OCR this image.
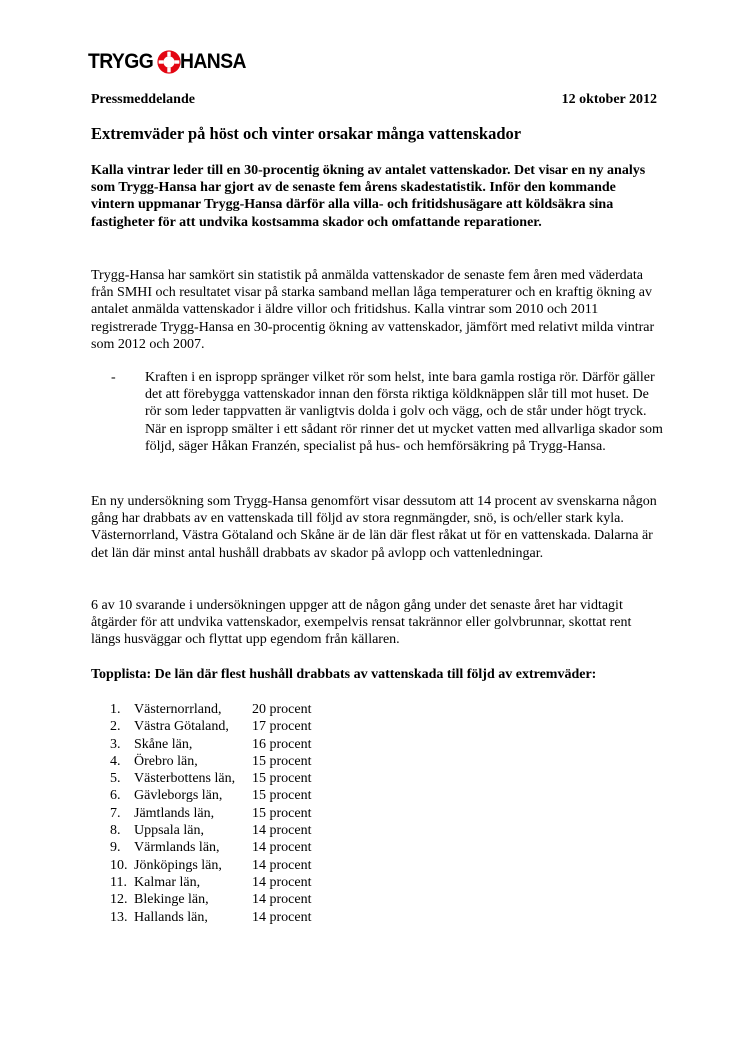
TRYGG HANSA
Pressmeddelande	12 oktober 2012
Extremväder på höst och vinter orsakar många vattenskador

Kalla vintrar leder till en 30-procentig ökning av antalet vattenskador. Det visar en ny analys som Trygg-Hansa har gjort av de senaste fem årens skadestatistik. Inför den kommande vintern uppmanar Trygg-Hansa därför alla villa- och fritidshusägare att köldsäkra sina fastigheter för att undvika kostsamma skador och omfattande reparationer.

Trygg-Hansa har samkört sin statistik på anmälda vattenskador de senaste fem åren med väderdata från SMHI och resultatet visar på starka samband mellan låga temperaturer och en kraftig ökning av antalet anmälda vattenskador i äldre villor och fritidshus. Kalla vintrar som 2010 och 2011 registrerade Trygg-Hansa en 30-procentig ökning av vattenskador, jämfört med relativt milda vintrar som 2012 och 2007.

- Kraften i en ispropp spränger vilket rör som helst, inte bara gamla rostiga rör. Därför gäller det att förebygga vattenskador innan den första riktiga köldknäppen slår till mot huset. De rör som leder tappvatten är vanligtvis dolda i golv och vägg, och de står under högt tryck. När en ispropp smälter i ett sådant rör rinner det ut mycket vatten med allvarliga skador som följd, säger Håkan Franzén, specialist på hus- och hemförsäkring på Trygg-Hansa.

En ny undersökning som Trygg-Hansa genomfört visar dessutom att 14 procent av svenskarna någon gång har drabbats av en vattenskada till följd av stora regnmängder, snö, is och/eller stark kyla. Västernorrland, Västra Götaland och Skåne är de län där flest råkat ut för en vattenskada. Dalarna är det län där minst antal hushåll drabbats av skador på avlopp och vattenledningar.

6 av 10 svarande i undersökningen uppger att de någon gång under det senaste året har vidtagit åtgärder för att undvika vattenskador, exempelvis rensat takrännor eller golvbrunnar, skottat rent längs husväggar och flyttat upp egendom från källaren.

Topplista: De län där flest hushåll drabbats av vattenskada till följd av extremväder:

1. Västernorrland, 20 procent
2. Västra Götaland, 17 procent
3. Skåne län,	16 procent
4. Örebro län,	15 procent
5. Västerbottens län, 15 procent
6. Gävleborgs län, 15 procent
7. Jämtlands län,	15 procent
8. Uppsala län,	14 procent
9. Värmlands län, 14 procent
10. Jönköpings län, 14 procent
11. Kalmar län,	14 procent
12. Blekinge län,	14 procent
13. Hallands län,	14 procent
